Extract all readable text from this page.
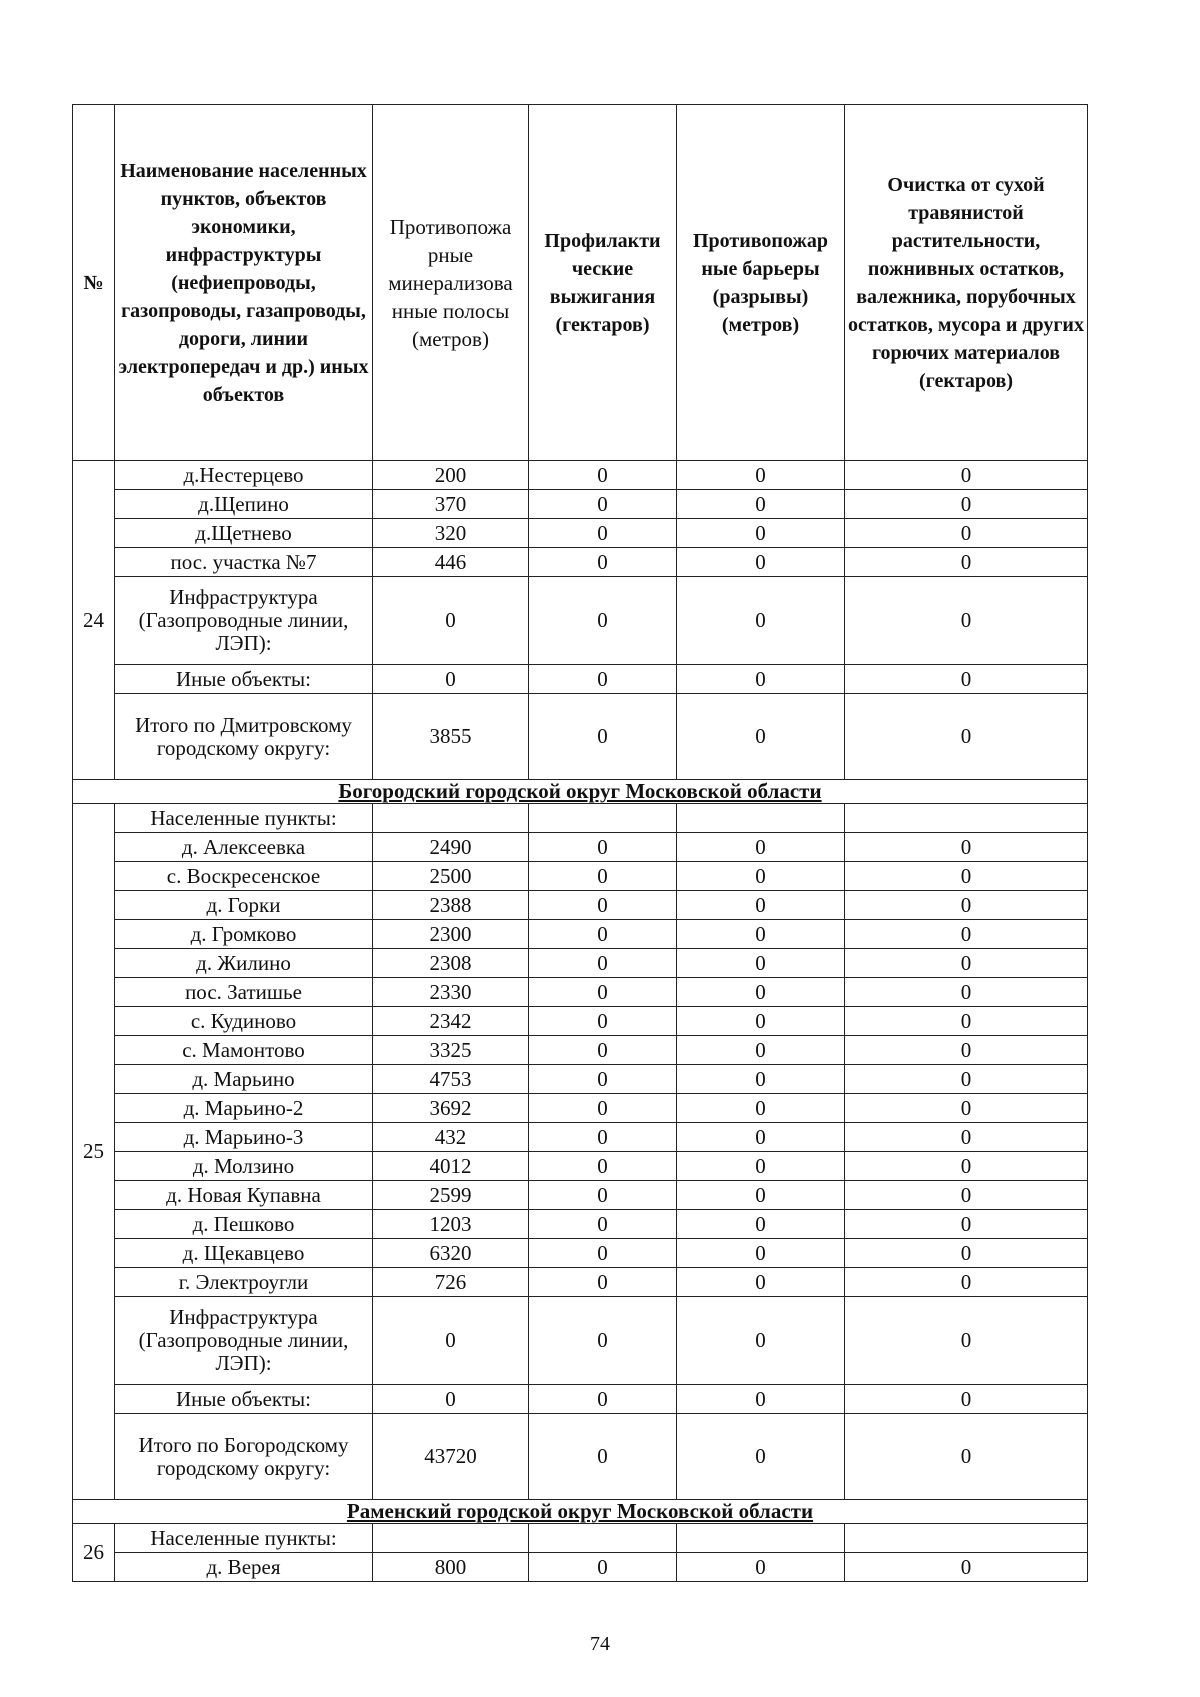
№	Наименование населенных пунктов, объектов экономики, инфраструктуры (нефиепроводы, газопроводы, газапроводы, дороги, линии электропередач и др.) иных объектов	Противопожа рные минерализова нные полосы (метров)	Профилакти ческие выжигания (гектаров)	Противопожар ные барьеры (разрывы) (метров)	Очистка от сухой травянистой растительности, пожнивных остатков, валежника, порубочных остатков, мусора и других горючих материалов (гектаров)
24	д.Нестерцево	200	0	0	0
	д.Щепино	370	0	0	0
	д.Щетнево	320	0	0	0
	пос. участка №7	446	0	0	0
	Инфраструктура (Газопроводные линии, ЛЭП):	0	0	0	0
	Иные объекты:	0	0	0	0
	Итого по Дмитровскому городскому округу:	3855	0	0	0
Богородский городской округ Московской области					
25	Населенные пункты:				
	д. Алексеевка	2490	0	0	0
	с. Воскресенское	2500	0	0	0
	д. Горки	2388	0	0	0
	д. Громково	2300	0	0	0
	д. Жилино	2308	0	0	0
	пос. Затишье	2330	0	0	0
	с. Кудиново	2342	0	0	0
	с. Мамонтово	3325	0	0	0
	д. Марьино	4753	0	0	0
	д. Марьино-2	3692	0	0	0
	д. Марьино-3	432	0	0	0
	д. Молзино	4012	0	0	0
	д. Новая Купавна	2599	0	0	0
	д. Пешково	1203	0	0	0
	д. Щекавцево	6320	0	0	0
	г. Электроугли	726	0	0	0
	Инфраструктура (Газопроводные линии, ЛЭП):	0	0	0	0
	Иные объекты:	0	0	0	0
	Итого по Богородскому городскому округу:	43720	0	0	0
Раменский городской округ Московской области					
26	Населенные пункты:				
	д. Верея	800	0	0	0
74
